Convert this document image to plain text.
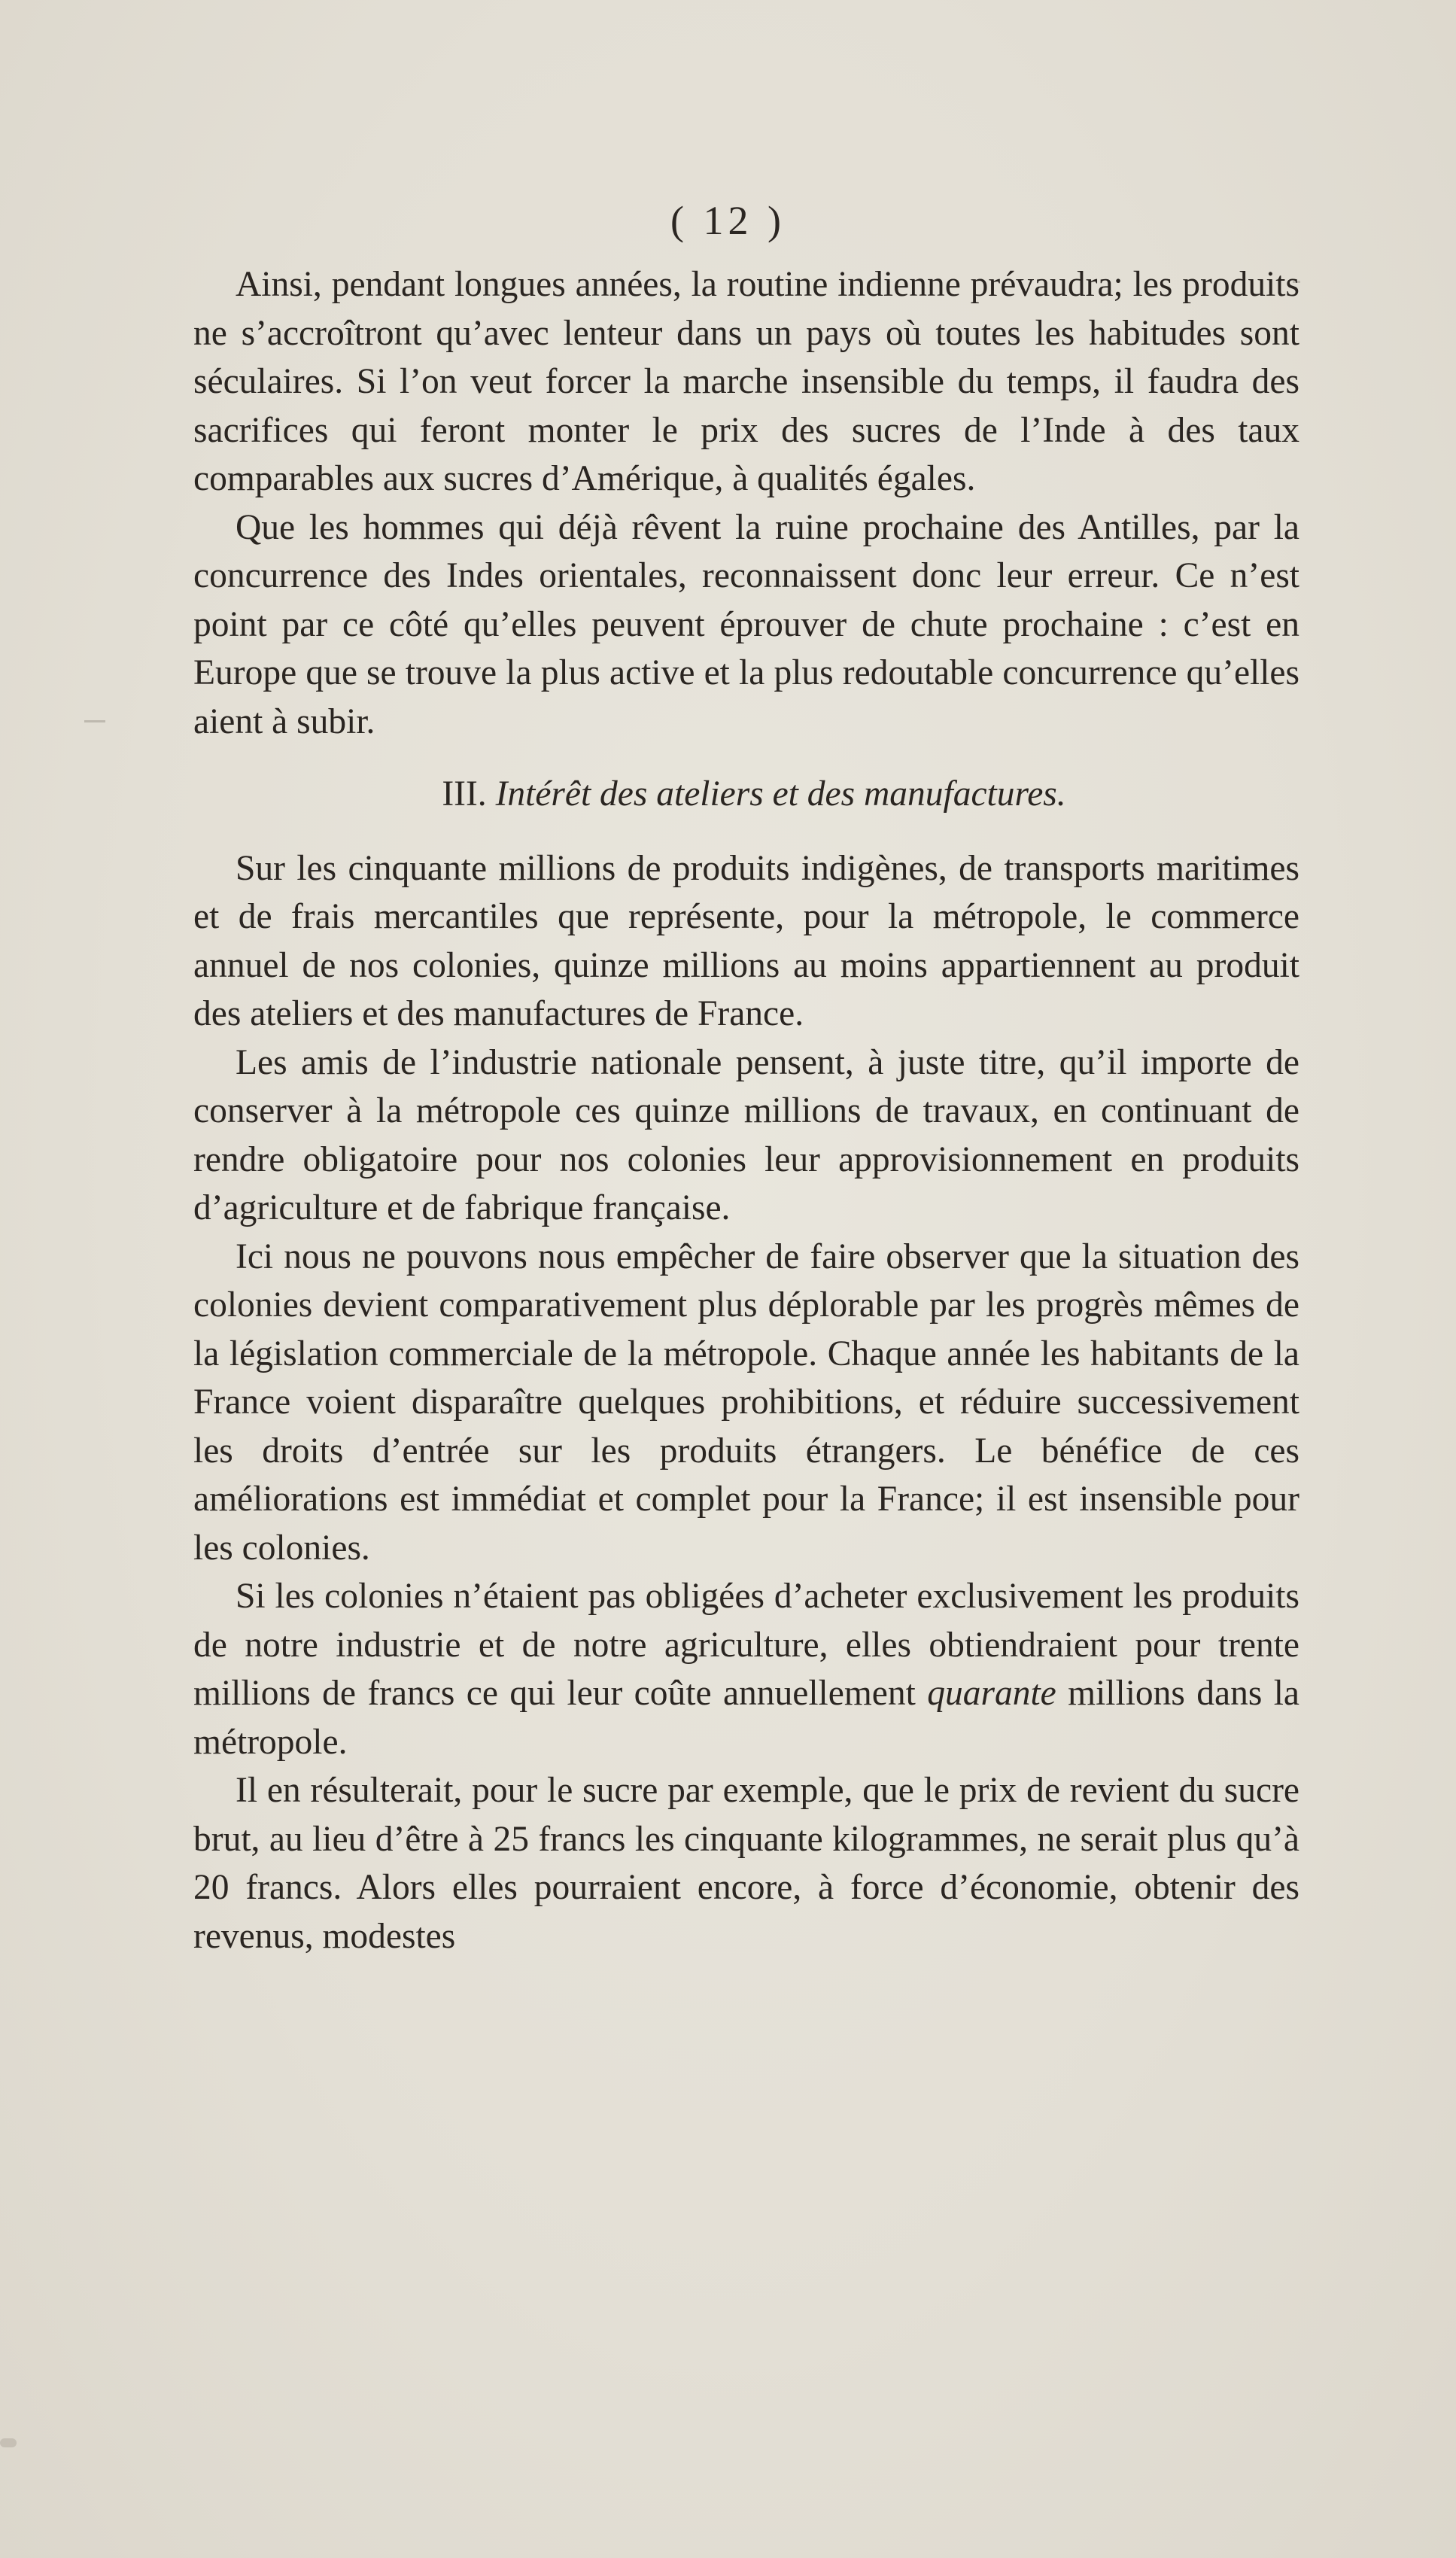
( 12 )

Ainsi, pendant longues années, la routine indienne prévaudra; les produits ne s’accroîtront qu’avec lenteur dans un pays où toutes les habitudes sont séculaires. Si l’on veut forcer la marche insensible du temps, il faudra des sacrifices qui feront monter le prix des sucres de l’Inde à des taux comparables aux sucres d’Amérique, à qualités égales.

Que les hommes qui déjà rêvent la ruine prochaine des Antilles, par la concurrence des Indes orientales, reconnaissent donc leur erreur. Ce n’est point par ce côté qu’elles peuvent éprouver de chute prochaine : c’est en Europe que se trouve la plus active et la plus redoutable concurrence qu’elles aient à subir.

III. Intérêt des ateliers et des manufactures.

Sur les cinquante millions de produits indigènes, de transports maritimes et de frais mercantiles que représente, pour la métropole, le commerce annuel de nos colonies, quinze millions au moins appartiennent au produit des ateliers et des manufactures de France.

Les amis de l’industrie nationale pensent, à juste titre, qu’il importe de conserver à la métropole ces quinze millions de travaux, en continuant de rendre obligatoire pour nos colonies leur approvisionnement en produits d’agriculture et de fabrique française.

Ici nous ne pouvons nous empêcher de faire observer que la situation des colonies devient comparativement plus déplorable par les progrès mêmes de la législation commerciale de la métropole. Chaque année les habitants de la France voient disparaître quelques prohibitions, et réduire successivement les droits d’entrée sur les produits étrangers. Le bénéfice de ces améliorations est immédiat et complet pour la France; il est insensible pour les colonies.

Si les colonies n’étaient pas obligées d’acheter exclusivement les produits de notre industrie et de notre agriculture, elles obtiendraient pour trente millions de francs ce qui leur coûte annuellement quarante millions dans la métropole.

Il en résulterait, pour le sucre par exemple, que le prix de revient du sucre brut, au lieu d’être à 25 francs les cinquante kilogrammes, ne serait plus qu’à 20 francs. Alors elles pourraient encore, à force d’économie, obtenir des revenus, modestes
